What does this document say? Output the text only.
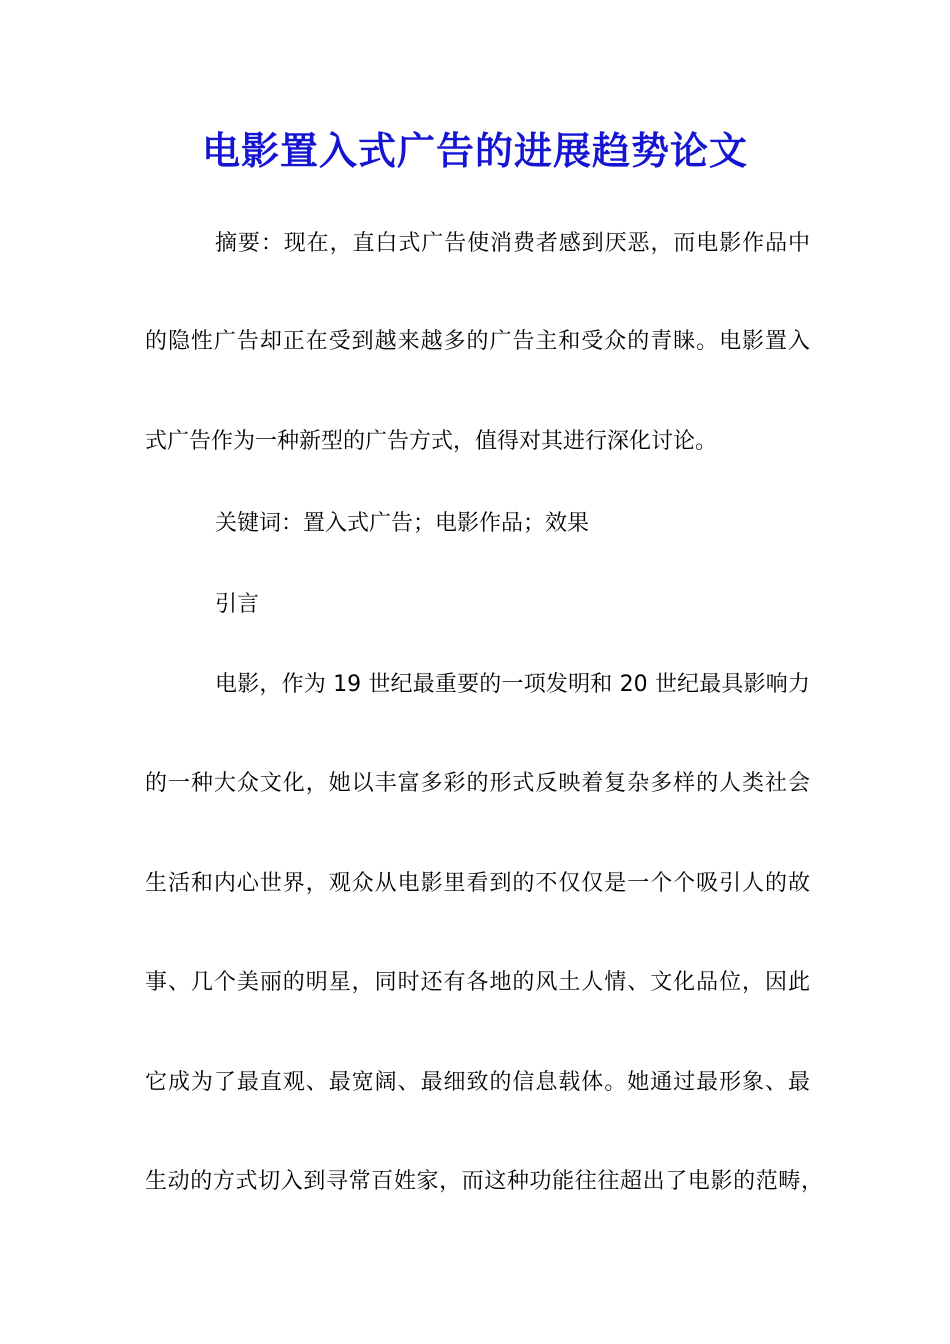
电影置入式广告的进展趋势论文
摘要：现在，直白式广告使消费者感到厌恶，而电影作品中
的隐性广告却正在受到越来越多的广告主和受众的青睐。电影置入
式广告作为一种新型的广告方式，值得对其进行深化讨论。
关键词：置入式广告；电影作品；效果
引言
电影，作为 19 世纪最重要的一项发明和 20 世纪最具影响力
的一种大众文化，她以丰富多彩的形式反映着复杂多样的人类社会
生活和内心世界，观众从电影里看到的不仅仅是一个个吸引人的故
事、几个美丽的明星，同时还有各地的风土人情、文化品位，因此
它成为了最直观、最宽阔、最细致的信息载体。她通过最形象、最
生动的方式切入到寻常百姓家，而这种功能往往超出了电影的范畴，
